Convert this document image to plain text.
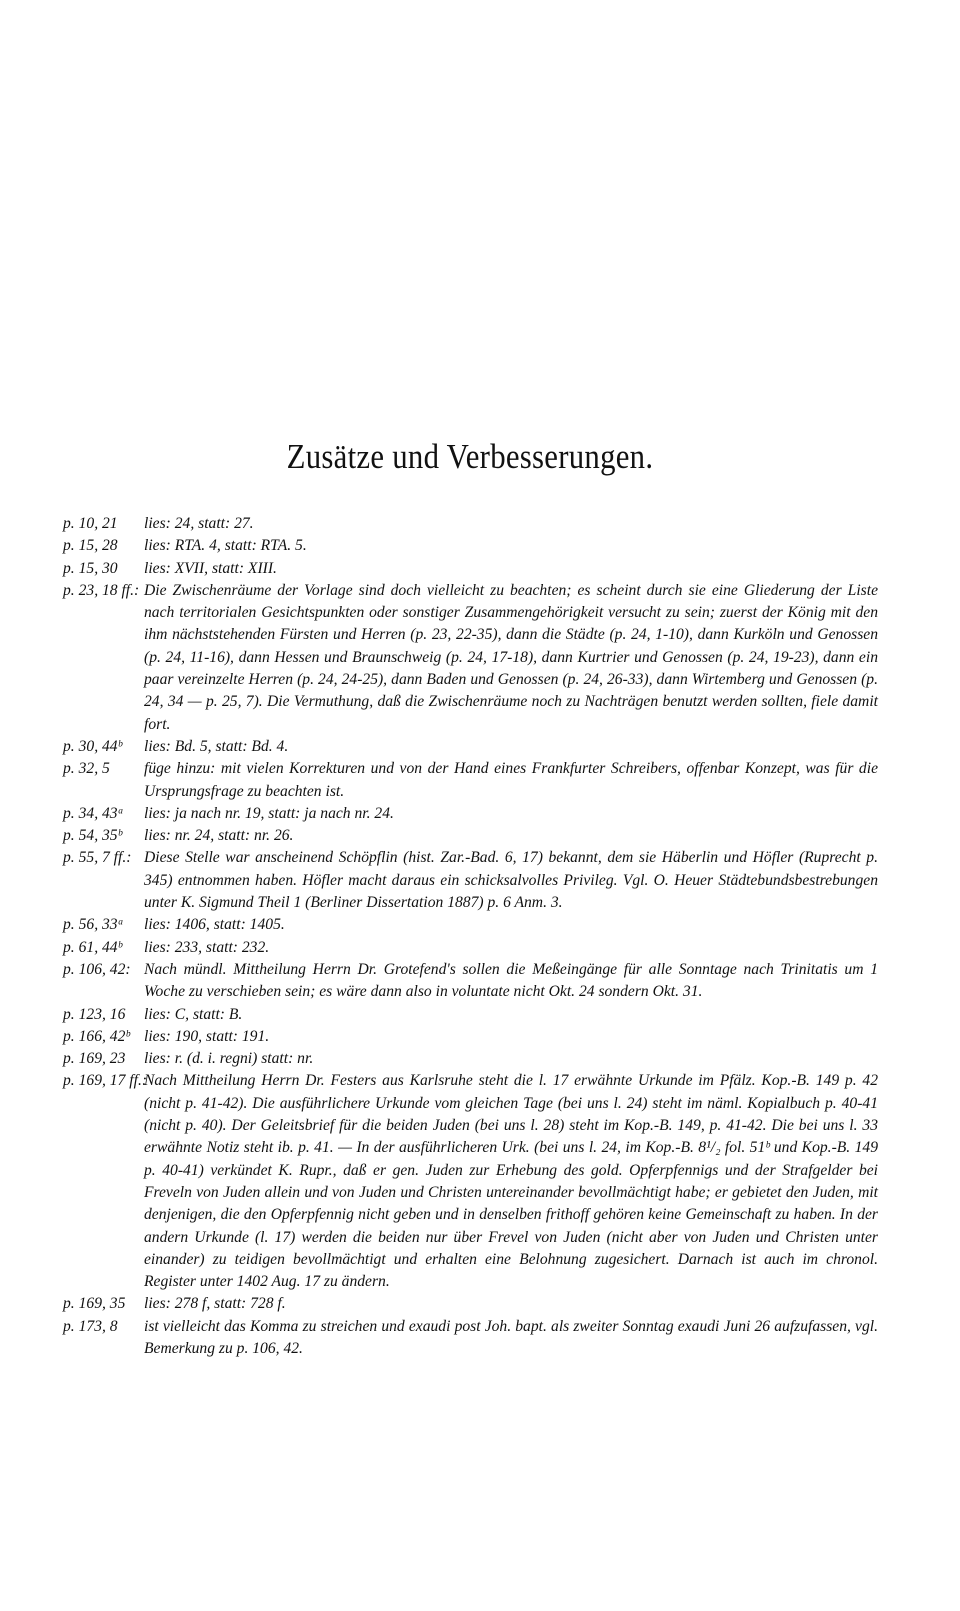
Zusätze und Verbesserungen.
p. 10, 21 lies: 24, statt: 27.
p. 15, 28 lies: RTA. 4, statt: RTA. 5.
p. 15, 30 lies: XVII, statt: XIII.
p. 23, 18 ff.: Die Zwischenräume der Vorlage sind doch vielleicht zu beachten; es scheint durch sie eine Gliederung der Liste nach territorialen Gesichtspunkten oder sonstiger Zusammengehörigkeit versucht zu sein; zuerst der König mit den ihm nächststehenden Fürsten und Herren (p. 23, 22-35), dann die Städte (p. 24, 1-10), dann Kurköln und Genossen (p. 24, 11-16), dann Hessen und Braunschweig (p. 24, 17-18), dann Kurtrier und Genossen (p. 24, 19-23), dann ein paar vereinzelte Herren (p. 24, 24-25), dann Baden und Genossen (p. 24, 26-33), dann Wirtemberg und Genossen (p. 24, 34 — p. 25, 7). Die Vermuthung, daß die Zwischenräume noch zu Nachträgen benutzt werden sollten, fiele damit fort.
p. 30, 44ᵇ lies: Bd. 5, statt: Bd. 4.
p. 32, 5 füge hinzu: mit vielen Korrekturen und von der Hand eines Frankfurter Schreibers, offenbar Konzept, was für die Ursprungsfrage zu beachten ist.
p. 34, 43ᵃ lies: ja nach nr. 19, statt: ja nach nr. 24.
p. 54, 35ᵇ lies: nr. 24, statt: nr. 26.
p. 55, 7 ff.: Diese Stelle war anscheinend Schöpflin (hist. Zar.-Bad. 6, 17) bekannt, dem sie Häberlin und Höfler (Ruprecht p. 345) entnommen haben. Höfler macht daraus ein schicksalvolles Privileg. Vgl. O. Heuer Städtebundsbestrebungen unter K. Sigmund Theil 1 (Berliner Dissertation 1887) p. 6 Anm. 3.
p. 56, 33ᵃ lies: 1406, statt: 1405.
p. 61, 44ᵇ lies: 233, statt: 232.
p. 106, 42: Nach mündl. Mittheilung Herrn Dr. Grotefend's sollen die Meßeingänge für alle Sonntage nach Trinitatis um 1 Woche zu verschieben sein; es wäre dann also in voluntate nicht Okt. 24 sondern Okt. 31.
p. 123, 16 lies: C, statt: B.
p. 166, 42ᵇ lies: 190, statt: 191.
p. 169, 23 lies: r. (d. i. regni) statt: nr.
p. 169, 17 ff.:
Nach Mittheilung Herrn Dr. Festers aus Karlsruhe steht die l. 17 erwähnte Urkunde im Pfälz. Kop.-B. 149 p. 42 (nicht p. 41-42). Die ausführlichere Urkunde vom gleichen Tage (bei uns l. 24) steht im näml. Kopialbuch p. 40-41 (nicht p. 40). Der Geleitsbrief für die beiden Juden (bei uns l. 28) steht im Kop.-B. 149, p. 41-42. Die bei uns l. 33 erwähnte Notiz steht ib. p. 41. — In der ausführlicheren Urk. (bei uns l. 24, im Kop.-B. 8¹/₂ fol. 51ᵇ und Kop.-B. 149 p. 40-41) verkündet K. Rupr., daß er gen. Juden zur Erhebung des gold. Opferpfennigs und der Strafgelder bei Freveln von Juden allein und von Juden und Christen untereinander bevollmächtigt habe; er gebietet den Juden, mit denjenigen, die den Opferpfennig nicht geben und in denselben frithoff gehören keine Gemeinschaft zu haben. In der andern Urkunde (l. 17) werden die beiden nur über Frevel von Juden (nicht aber von Juden und Christen unter einander) zu teidigen bevollmächtigt und erhalten eine Belohnung zugesichert. Darnach ist auch im chronol. Register unter 1402 Aug. 17 zu ändern.
p. 169, 35 lies: 278 f, statt: 728 f.
p. 173, 8 ist vielleicht das Komma zu streichen und exaudi post Joh. bapt. als zweiter Sonntag exaudi Juni 26 aufzufassen, vgl. Bemerkung zu p. 106, 42.
